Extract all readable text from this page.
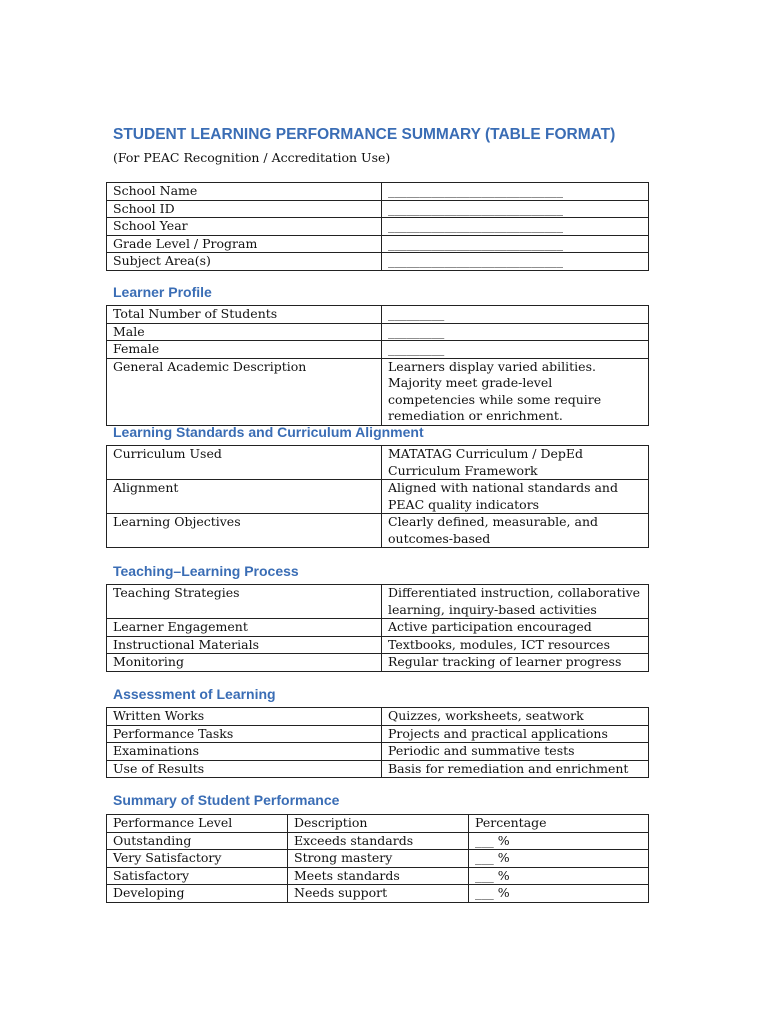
STUDENT LEARNING PERFORMANCE SUMMARY (TABLE FORMAT)
(For PEAC Recognition / Accreditation Use)
School Name	____________________________
School ID	____________________________
School Year	____________________________
Grade Level / Program	____________________________
Subject Area(s)	____________________________
Learner Profile
Total Number of Students	_________
Male	_________
Female	_________
General Academic Description	Learners display varied abilities. Majority meet grade-level competencies while some require remediation or enrichment.
Learning Standards and Curriculum Alignment
Curriculum Used	MATATAG Curriculum / DepEd Curriculum Framework
Alignment	Aligned with national standards and PEAC quality indicators
Learning Objectives	Clearly defined, measurable, and outcomes-based
Teaching–Learning Process
Teaching Strategies	Differentiated instruction, collaborative learning, inquiry-based activities
Learner Engagement	Active participation encouraged
Instructional Materials	Textbooks, modules, ICT resources
Monitoring	Regular tracking of learner progress
Assessment of Learning
Written Works	Quizzes, worksheets, seatwork
Performance Tasks	Projects and practical applications
Examinations	Periodic and summative tests
Use of Results	Basis for remediation and enrichment
Summary of Student Performance
Performance Level	Description	Percentage
Outstanding	Exceeds standards	___ %
Very Satisfactory	Strong mastery	___ %
Satisfactory	Meets standards	___ %
Developing	Needs support	___ %
